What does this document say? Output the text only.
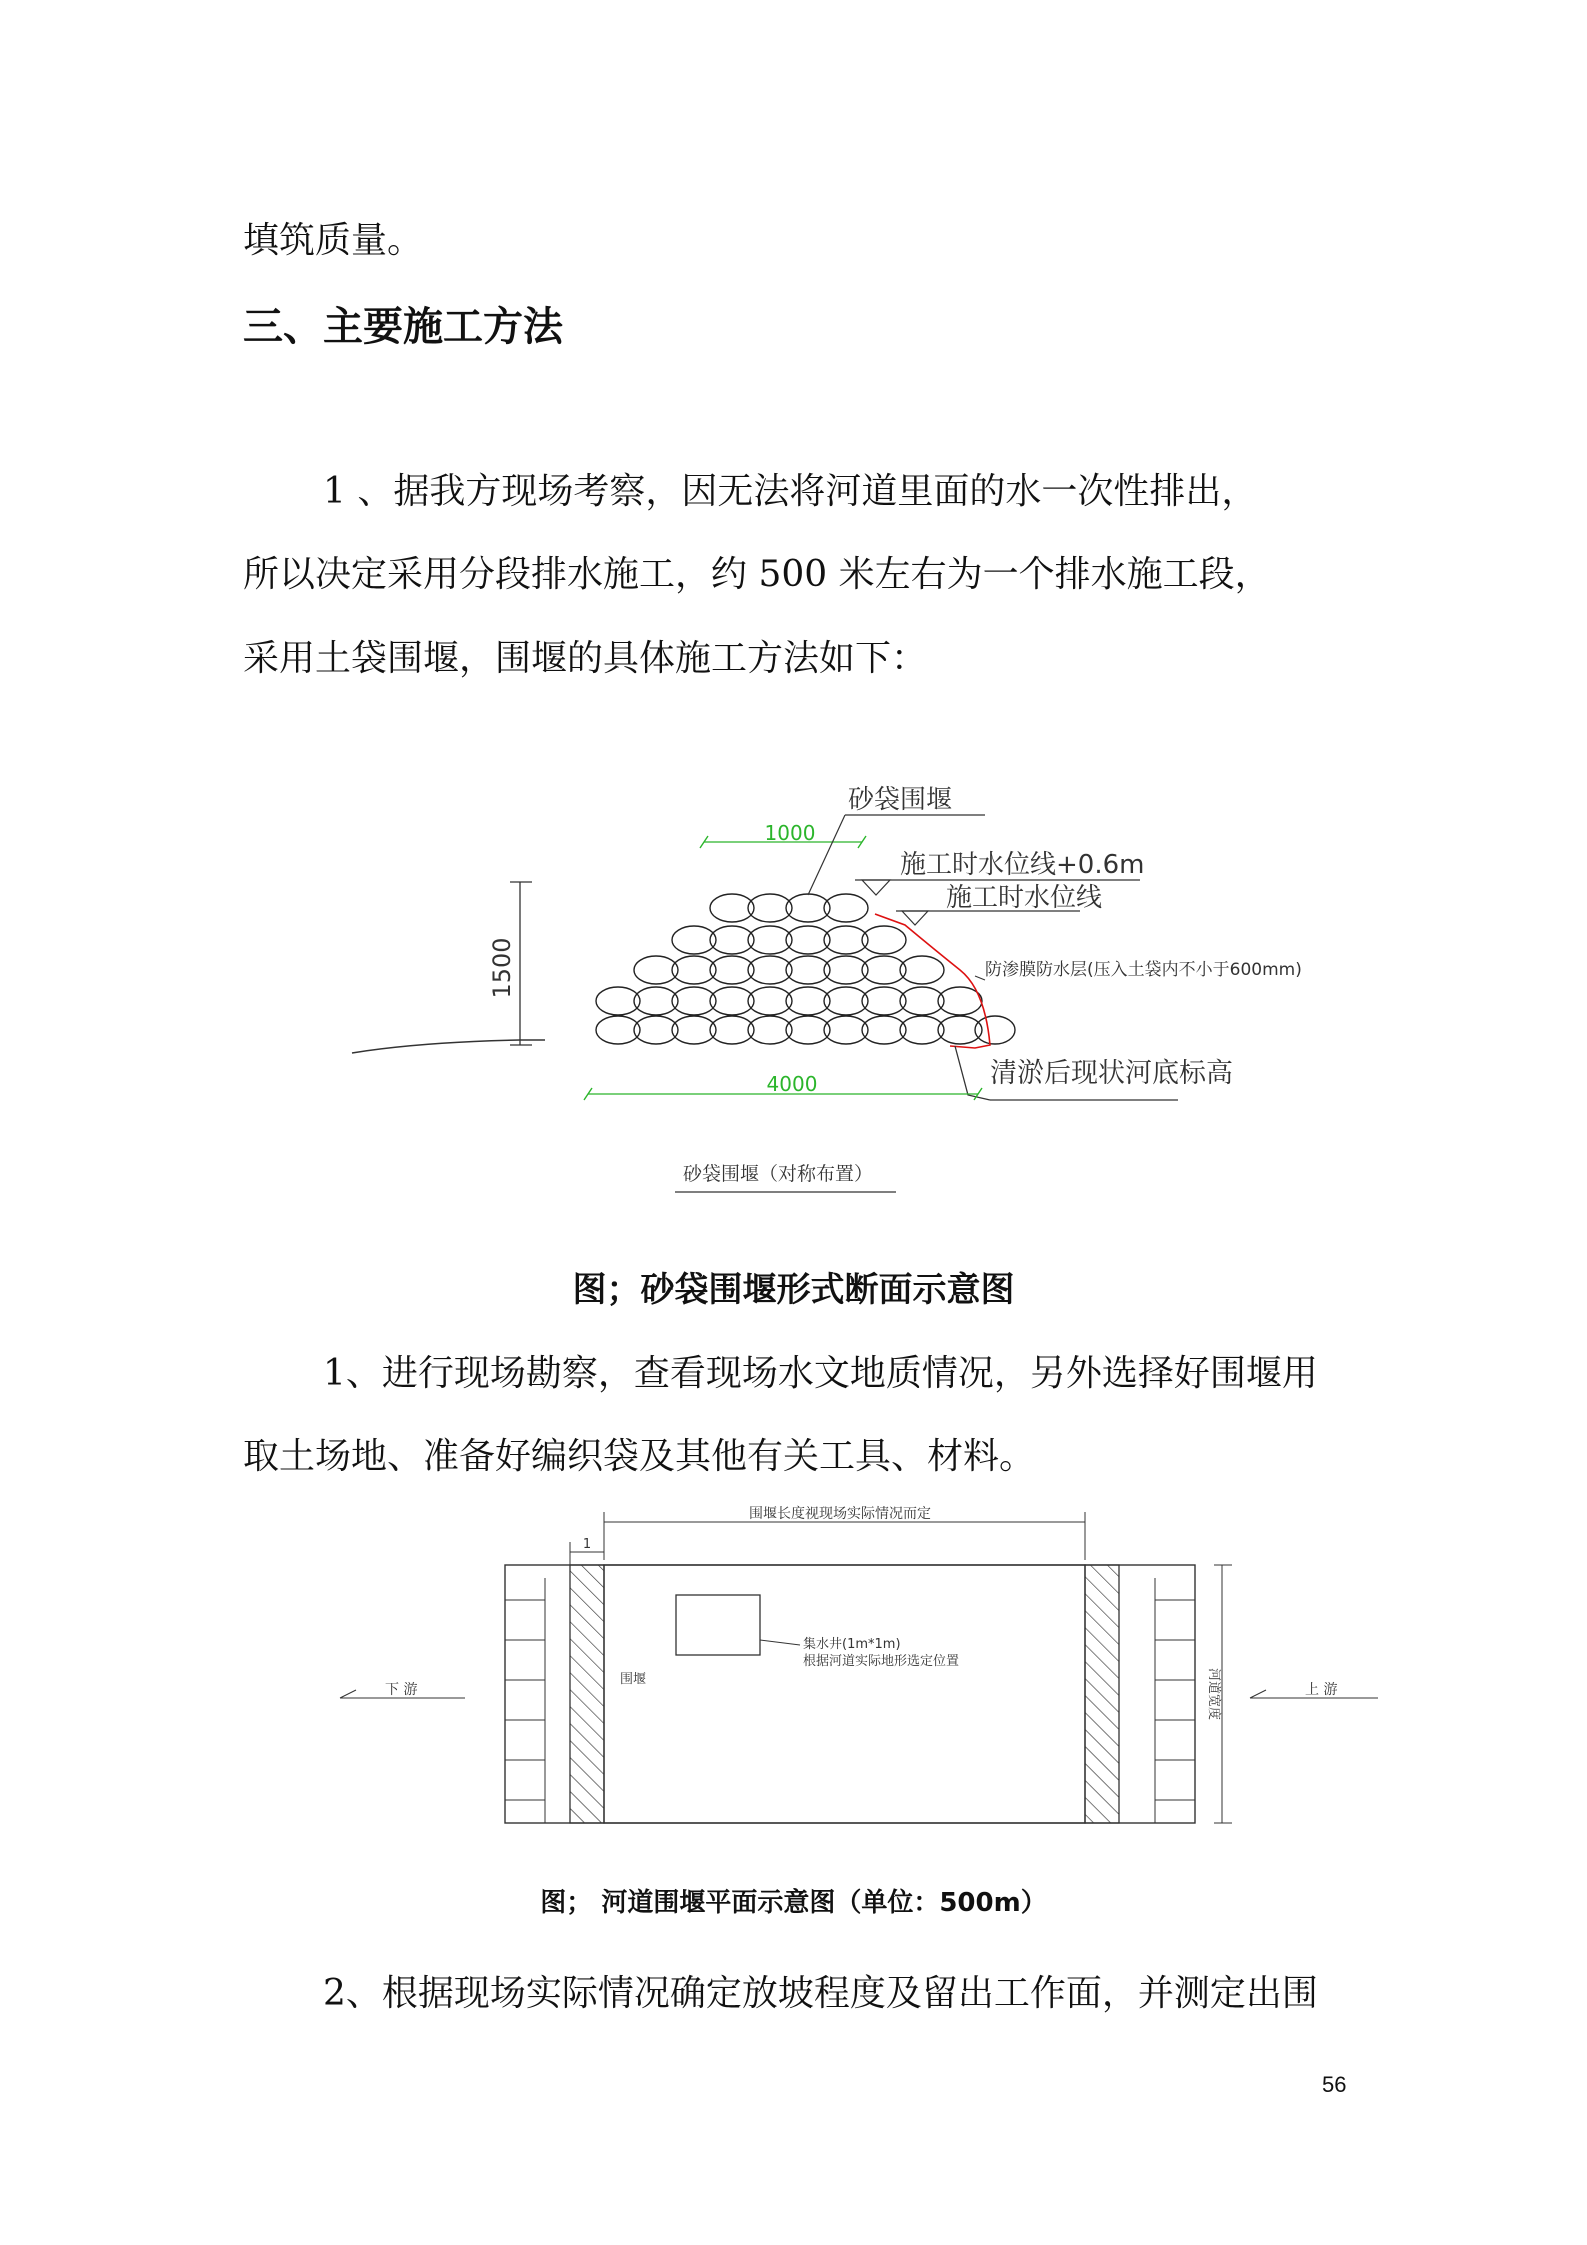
填筑质量。
三、主要施工方法
1 、据我方现场考察，因无法将河道里面的水一次性排出，
所以决定采用分段排水施工，约 500 米左右为一个排水施工段，
采用土袋围堰，围堰的具体施工方法如下：
1500
1000
4000
砂袋围堰
施工时水位线+0.6m
施工时水位线
防渗膜防水层(压入土袋内不小于600mm)
清淤后现状河底标高
砂袋围堰（对称布置）
图；砂袋围堰形式断面示意图
1、进行现场勘察，查看现场水文地质情况，另外选择好围堰用
取土场地、准备好编织袋及其他有关工具、材料。
围堰长度视现场实际情况而定
1
集水井(1m*1m)
根据河道实际地形选定位置
围堰
下 游	上 游
河道宽度
图； 河道围堰平面示意图（单位：500m）
2、根据现场实际情况确定放坡程度及留出工作面，并测定出围
56
